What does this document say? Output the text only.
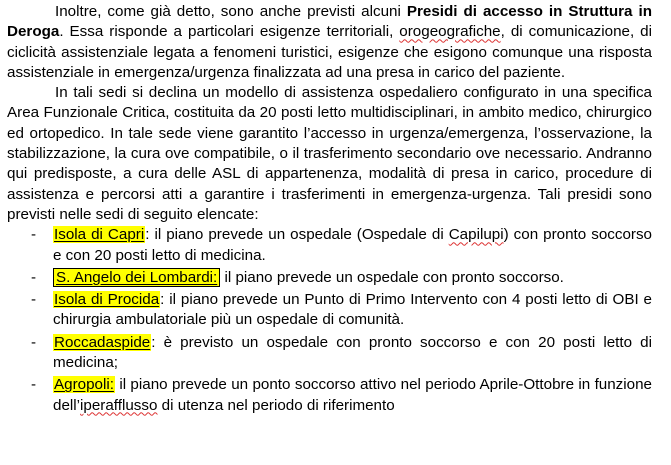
Inoltre, come già detto, sono anche previsti alcuni Presidi di accesso in Struttura in Deroga. Essa risponde a particolari esigenze territoriali, orogeografiche, di comunicazione, di ciclicità assistenziale legata a fenomeni turistici, esigenze che esigono comunque una risposta assistenziale in emergenza/urgenza finalizzata ad una presa in carico del paziente.

In tali sedi si declina un modello di assistenza ospedaliero configurato in una specifica Area Funzionale Critica, costituita da 20 posti letto multidisciplinari, in ambito medico, chirurgico ed ortopedico. In tale sede viene garantito l’accesso in urgenza/emergenza, l’osservazione, la stabilizzazione, la cura ove compatibile, o il trasferimento secondario ove necessario. Andranno qui predisposte, a cura delle ASL di appartenenza, modalità di presa in carico, procedure di assistenza e percorsi atti a garantire i trasferimenti in emergenza-urgenza. Tali presidi sono previsti nelle sedi di seguito elencate:

- Isola di Capri: il piano prevede un ospedale (Ospedale di Capilupi) con pronto soccorso e con 20 posti letto di medicina.
- S. Angelo dei Lombardi: il piano prevede un ospedale con pronto soccorso.
- Isola di Procida: il piano prevede un Punto di Primo Intervento con 4 posti letto di OBI e chirurgia ambulatoriale più un ospedale di comunità.
- Roccadaspide: è previsto un ospedale con pronto soccorso e con 20 posti letto di medicina;
- Agropoli: il piano prevede un ponto soccorso attivo nel periodo Aprile-Ottobre in funzione dell’iperafflusso di utenza nel periodo di riferimento
